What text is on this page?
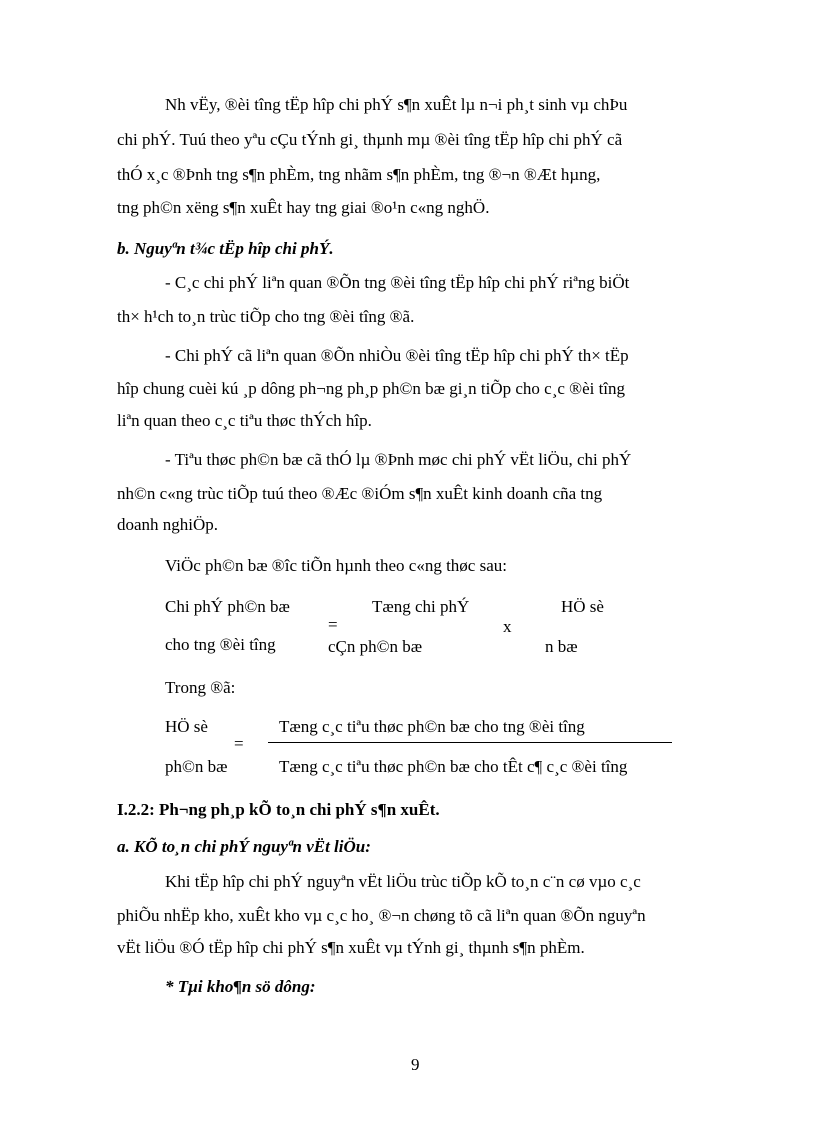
Nh vËy, ®èi tîng tËp hîp chi phÝ s¶n xuÊt lµ n¬i ph¸t sinh vµ chÞu
chi phÝ. Tuú theo yªu cÇu tÝnh gi¸ thµnh mµ ®èi tîng tËp hîp chi phÝ cã
thÓ x¸c ®Þnh tng s¶n phÈm, tng nhãm s¶n phÈm, tng ®¬n ®Æt hµng,
tng ph©n xëng s¶n xuÊt hay tng giai ®o¹n c«ng nghÖ.
b. Nguyªn t¾c tËp hîp chi phÝ.
- C¸c chi phÝ liªn quan ®Õn tng ®èi tîng tËp hîp chi phÝ riªng biÖt
th× h¹ch to¸n trùc tiÕp cho tng ®èi tîng ®ã.
- Chi phÝ cã liªn quan ®Õn nhiÒu ®èi tîng tËp hîp chi phÝ th× tËp
hîp chung cuèi kú ¸p dông ph¬ng ph¸p ph©n bæ gi¸n tiÕp cho c¸c ®èi tîng
liªn quan theo c¸c tiªu thøc thÝch hîp.
- Tiªu thøc ph©n bæ cã thÓ lµ ®Þnh møc chi phÝ vËt liÖu, chi phÝ
nh©n c«ng trùc tiÕp tuú theo ®Æc ®iÓm s¶n xuÊt kinh doanh cña tng
doanh nghiÖp.
ViÖc ph©n bæ ®îc tiÕn hµnh theo c«ng thøc sau:
Chi phÝ ph©n bæ
cho tng ®èi tîng
=
Tæng chi phÝ
cÇn ph©n bæ
x
HÖ sè
n bæ
Trong ®ã:
HÖ sè
ph©n bæ
=
Tæng c¸c tiªu thøc ph©n bæ cho tng ®èi tîng
Tæng c¸c tiªu thøc ph©n bæ cho tÊt c¶ c¸c ®èi tîng
I.2.2: Ph¬ng ph¸p kÕ to¸n chi phÝ s¶n xuÊt.
a. KÕ to¸n chi phÝ nguyªn vËt liÖu:
Khi tËp hîp chi phÝ nguyªn vËt liÖu trùc tiÕp kÕ to¸n c¨n cø vµo c¸c
phiÕu nhËp kho, xuÊt kho vµ c¸c ho¸ ®¬n chøng tõ cã liªn quan ®Õn nguyªn
vËt liÖu ®Ó tËp hîp chi phÝ s¶n xuÊt vµ tÝnh gi¸ thµnh s¶n phÈm.
* Tµi kho¶n sö dông:
9
